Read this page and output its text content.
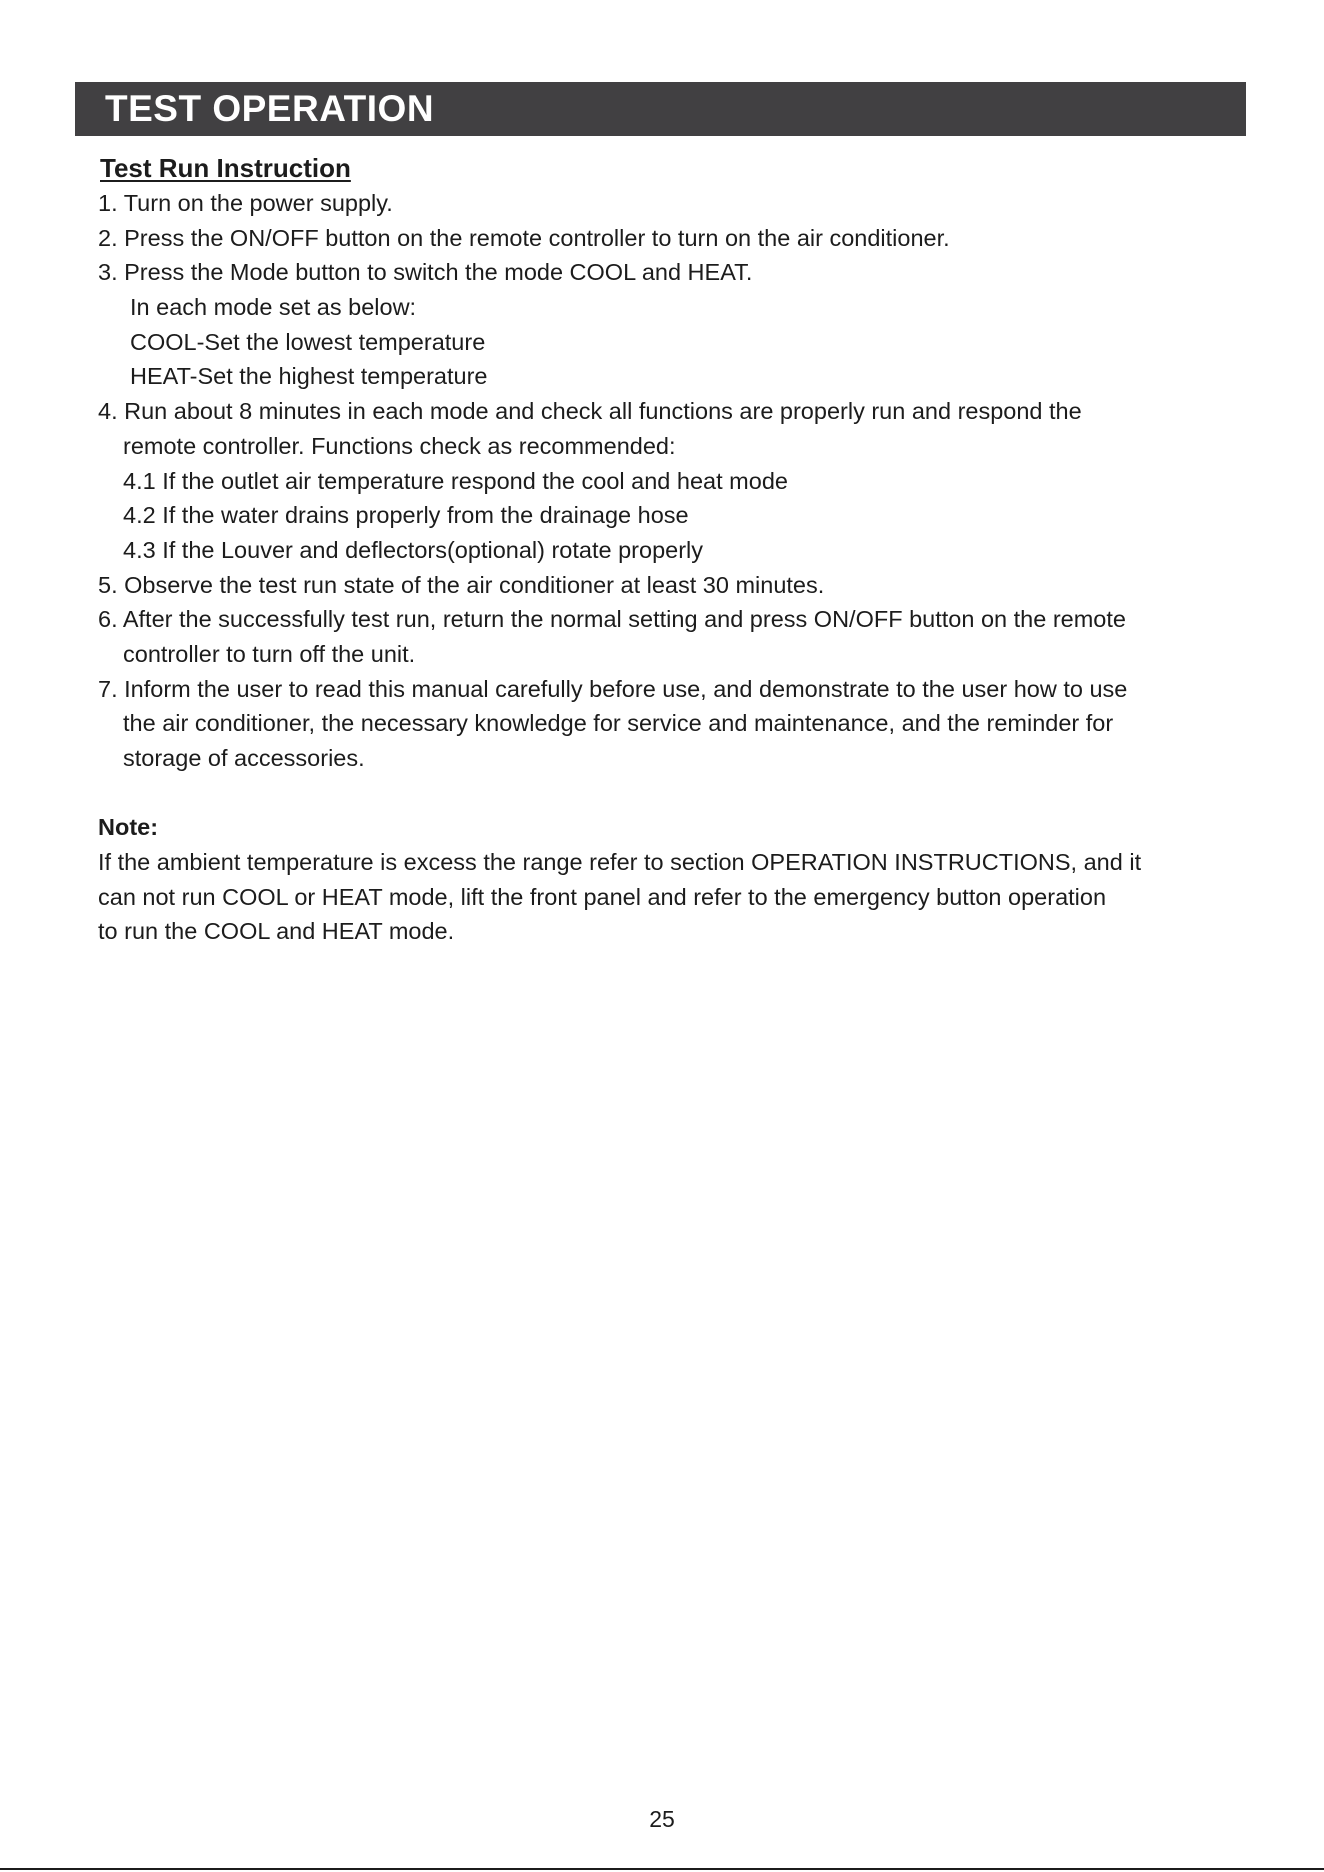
TEST OPERATION
Test Run Instruction
1. Turn on the power supply.
2. Press the ON/OFF button on the remote controller to turn on the air conditioner.
3. Press the Mode button to switch the mode COOL and HEAT.
In each mode set as below:
COOL-Set the lowest temperature
HEAT-Set the highest temperature
4. Run about 8 minutes in each mode and check all functions are properly run and respond the
remote controller. Functions check as recommended:
4.1 If the outlet air temperature respond the cool and heat mode
4.2 If the water drains properly from the drainage hose
4.3 If the Louver and deflectors(optional) rotate properly
5. Observe the test run state of the air conditioner at least 30 minutes.
6. After the successfully test run, return the normal setting and press ON/OFF button on the remote
controller to turn off the unit.
7. Inform the user to read this manual carefully before use, and demonstrate to the user how to use
the air conditioner, the necessary knowledge for service and maintenance, and the reminder for
storage of accessories.
Note:
If the ambient temperature is excess the range refer to section OPERATION INSTRUCTIONS, and it
can not run COOL or HEAT mode, lift the front panel and refer to the emergency button operation
to run the COOL and HEAT mode.
25
